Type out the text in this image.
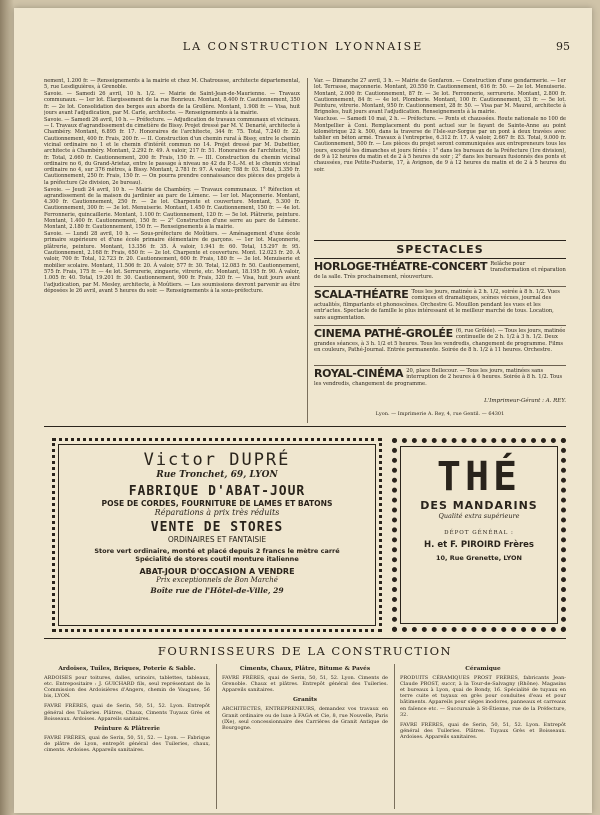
LA CONSTRUCTION LYONNAISE	95

nement, 1.200 fr. — Renseignements à la mairie et chez M. Chatrousse, architecte départemental, 5, rue Lesdiguières, à Grenoble.

Savoie. — Samedi 26 avril, 10 h. 1/2. — Mairie de Saint-Jean-de-Maurienne. — Travaux communaux. — 1er lot. Élargissement de la rue Bonrieux. Montant, 8.400 fr. Cautionnement, 350 fr. — 2e lot. Consolidation des berges aux abords de la Grollère. Montant, 1.908 fr. — Visa, huit jours avant l'adjudication, par M. Carle, architecte. — Renseignements à la mairie.

Savoie. — Samedi 26 avril, 10 h. — Préfecture. — Adjudication de travaux communaux et vicinaux. — I. Travaux d'agrandissement du cimetière de Bissy. Projet dressé par M. V. Denarié, architecte à Chambéry. Montant, 6.895 fr. 17. Honoraires de l'architecte, 344 fr. 75. Total, 7.240 fr. 22. Cautionnement, 400 fr. Frais, 200 fr. — II. Construction d'un chemin rural à Bissy, entre le chemin vicinal ordinaire no 1 et le chemin d'intérêt commun no 14. Projet dressé par M. Dubettier, architecte à Chambéry. Montant, 2.292 fr. 49. À valoir, 217 fr. 51. Honoraires de l'architecte, 150 fr. Total, 2.660 fr. Cautionnement, 200 fr. Frais, 150 fr. — III. Construction du chemin vicinal ordinaire no 6, du Grand-Arietaz, entre le passage à niveau no 42 du P.-L.-M. et le chemin vicinal ordinaire no 4, sur 376 mètres, à Bissy. Montant, 2.781 fr. 97. À valoir, 788 fr. 03. Total, 3.350 fr. Cautionnement, 250 fr. Frais, 150 fr. — On pourra prendre connaissance des pièces des projets à la préfecture (2e division, 2e bureau).

Savoie. — Jeudi 24 avril, 10 h. — Mairie de Chambéry. — Travaux communaux. 1° Réfection et agrandissement de la maison du jardinier au parc de Lémenc. — 1er lot. Maçonnerie. Montant, 4.300 fr. Cautionnement, 250 fr. — 2e lot. Charpente et couverture. Montant, 5.300 fr. Cautionnement, 300 fr. — 3e lot. Menuiserie. Montant, 1.450 fr. Cautionnement, 150 fr. — 4e lot. Ferronnerie, quincaillerie. Montant, 1.100 fr. Cautionnement, 120 fr. — 5e lot. Plâtrerie, peinture. Montant, 1.400 fr. Cautionnement, 150 fr. — 2° Construction d'une serre au parc de Lémenc. Montant, 2.180 fr. Cautionnement, 150 fr. — Renseignements à la mairie.

Savoie. — Lundi 28 avril, 10 h. — Sous-préfecture de Moûtiers. — Aménagement d'une école primaire supérieure et d'une école primaire élémentaire de garçons. — 1er lot. Maçonnerie, plâtrerie, peinture. Montant, 13.356 fr. 35. À valoir, 1.941 fr. 60. Total, 15.297 fr. 95. Cautionnement, 2.168 fr. Frais, 650 fr. — 2e lot. Charpente et couverture. Mont. 12.023 fr. 20. À valoir, 700 fr. Total, 12.723 fr. 20. Cautionnement, 600 fr. Frais, 180 fr. — 3e lot. Menuiserie et mobilier scolaire. Montant, 11.506 fr. 20. À valoir, 577 fr. 30. Total, 12.083 fr. 50. Cautionnement, 575 fr. Frais, 175 fr. — 4e lot. Serrurerie, zinguerie, vitrerie, etc. Montant, 18.195 fr. 90. À valoir, 1.005 fr. 40. Total, 19.201 fr. 30. Cautionnement, 900 fr. Frais, 320 fr. — Visa, huit jours avant l'adjudication, par M. Mesley, architecte, à Moûtiers. — Les soumissions devront parvenir au être déposées le 26 avril, avant 5 heures du soir. — Renseignements à la sous-préfecture.

Var. — Dimanche 27 avril, 3 h. — Mairie de Gonfaron. — Construction d'une gendarmerie. — 1er lot. Terrasse, maçonnerie. Montant, 20.550 fr. Cautionnement, 616 fr. 50. — 2e lot. Menuiserie. Montant, 2.000 fr. Cautionnement, 87 fr. — 3e lot. Ferronnerie, serrurerie. Montant, 2.800 fr. Cautionnement, 84 fr. — 4e lot. Plomberie. Montant, 100 fr. Cautionnement, 33 fr. — 5e lot. Peinture, vitrerie. Montant, 950 fr. Cautionnement, 28 fr. 50. — Visa par M. Maurel, architecte à Brignoles, huit jours avant l'adjudication. Renseignements à la mairie.

Vaucluse. — Samedi 10 mai, 2 h. — Préfecture. — Ponts et chaussées. Route nationale no 100 de Montpellier à Coni. Remplacement du pont actuel sur le fayant de Sainte-Anne au point kilométrique 22 k. 500, dans la traverse de l'Isle-sur-Sorgue par un pont à deux travées avec tablier en béton armé. Travaux à l'entreprise, 6.312 fr. 17. À valoir, 2.667 fr. 83. Total, 9.000 fr. Cautionnement, 500 fr. — Les pièces du projet seront communiquées aux entrepreneurs tous les jours, excepté les dimanches et jours fériés : 1° dans les bureaux de la Préfecture (1re division), de 9 à 12 heures du matin et de 2 à 5 heures du soir ; 2° dans les bureaux fusionnés des ponts et chaussées, rue Petite-Fusterie, 17, à Avignon, de 9 à 12 heures du matin et de 2 à 5 heures du soir.

SPECTACLES
HORLOGE-THÉATRE-CONCERT Relâche pour transformation et réparation de la salle. Très prochainement, réouverture.
SCALA-THÉATRE Tous les jours, matinée à 2 h. 1/2, soirée à 8 h. 1/2. Vues comiques et dramatiques, scènes vécues, journal des actualités, filmparlants et phonoscènes. Orchestre G. Mouillon pendant les vues et les entr'actes. Spectacle de famille le plus intéressant et le meilleur marché de tous. Location, sans augmentation.
CINEMA PATHÉ-GROLÉE (6, rue Grôlée). — Tous les jours, matinée continuelle de 2 h. 1/2 à 3 h. 1/2. Deux grandes séances, à 3 h. 1/2 et 5 heures. Tous les vendredis, changement de programme. Films en couleurs, Pathé-Journal. Entrée permanente. Soirée de 8 h. 1/2 à 11 heures. Orchestre.
ROYAL-CINÉMA 20, place Bellecour. — Tous les jours, matinées sans interruption de 2 heures à 6 heures. Soirée à 8 h. 1/2. Tous les vendredis, changement de programme.
L'Imprimeur-Gérant : A. REY.
Lyon. — Imprimerie A. Rey, 4, rue Gentil. — 64301
Victor DUPRÉ
Rue Tronchet, 69, LYON
FABRIQUE D'ABAT-JOUR
POSE DE CORDES, FOURNITURE DE LAMES ET BATONS
Réparations à prix très réduits
VENTE DE STORES
ORDINAIRES ET FANTAISIE
Store vert ordinaire, monté et placé depuis 2 francs le mètre carré
Spécialité de stores coutil monture italienne
ABAT-JOUR D'OCCASION A VENDRE
Prix exceptionnels de Bon Marché
Boîte rue de l'Hôtel-de-Ville, 29
THÉ
DES MANDARINS
Qualité extra supérieure
DÉPOT GÉNÉRAL :
H. et F. PIROIRD Frères
10, Rue Grenette, LYON
FOURNISSEURS DE LA CONSTRUCTION
Ardoises, Tuiles, Briques, Poterie & Sable.

ARDOISES pour toitures, dalles, urinoirs, tablettes, tableaux, etc. Entrepositaire : J. GUICHARD fils, seul représentant de la Commission des Ardoisières d'Angers, chemin de Vaugues, 56 bis, LYON.

FAVRE FRÈRES, quai de Serin, 50, 51, 52. Lyon. Entrepôt général des Tuileries. Plâtres, Chaux, Ciments Tuyaux Grès et Boisseaux. Ardoises. Appareils sanitaires.

Peinture & Plâtrerie

FAVRE FRÈRES, quai de Serin, 50, 51, 52. — Lyon. — Fabrique de plâtre de Lyon, entrepôt général des Tuileries, chaux, ciments. Ardoises. Appareils sanitaires.

Ciments, Chaux, Plâtre, Bitume & Pavés

FAVRE FRÈRES, quai de Serin, 50, 51, 52. Lyon. Ciments de Grenoble. Chaux et plâtres. Entrepôt général des Tuileries. Appareils sanitaires.

Granits

ARCHITECTES, ENTREPRENEURS, demandez vos travaux en Granit ordinaire ou de luxe à FAGA et Cie, 8, rue Nouvelle, Paris (IXe), seul concessionnaire des Carrières de Granit Antique de Bourgogne.

Céramique

PRODUITS CÉRAMIQUES PROST FRÈRES, fabricants Jean-Claude PROST, succr, à la Tour-de-Salvagny (Rhône). Magasins et bureaux à Lyon, quai de Bondy, 16. Spécialité de tuyaux en terre cuite et tuyaux en grès pour conduites d'eau et pour bâtiments. Appareils pour sièges inodores, panneaux et carreaux en faïence etc. — Succursale à St-Étienne, rue de la Préfecture, 32.

FAVRE FRÈRES, quai de Serin, 50, 51, 52. Lyon. Entrepôt général des Tuileries. Plâtres. Tuyaux Grès et Boisseaux. Ardoises. Appareils sanitaires.
